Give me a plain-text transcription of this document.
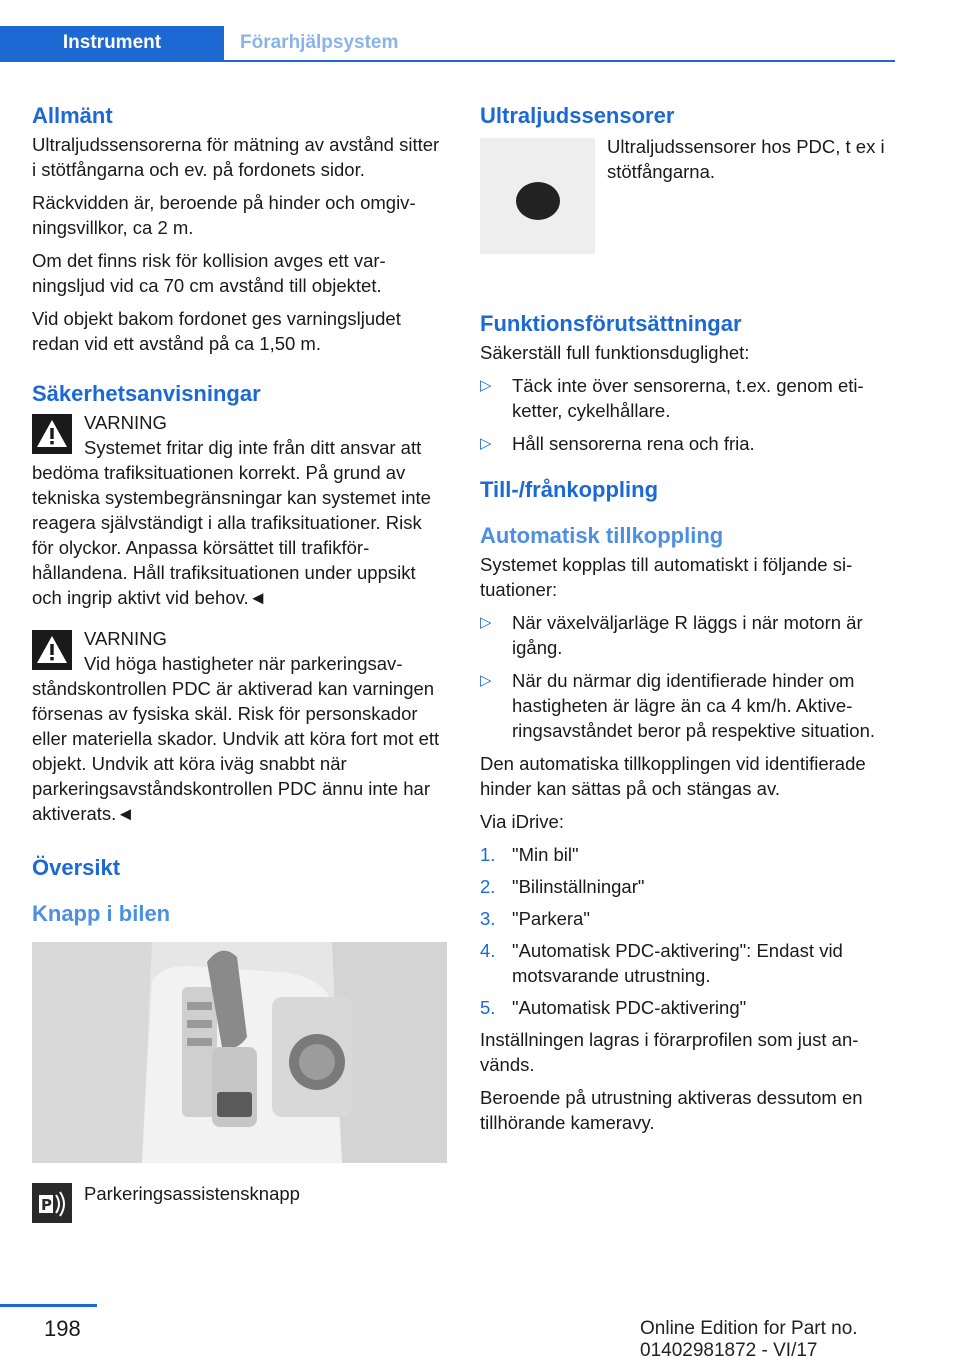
Instrument	Förarhjälpsystem
Allmänt

Ultraljudssensorerna för mätning av avstånd sitter i stötfångarna och ev. på fordonets sidor.

Räckvidden är, beroende på hinder och omgivningsvillkor, ca 2 m.

Om det finns risk för kollision avges ett varningsljud vid ca 70 cm avstånd till objektet.

Vid objekt bakom fordonet ges varningsljudet redan vid ett avstånd på ca 1,50 m.

Säkerhetsanvisningar
VARNING
Systemet fritar dig inte från ditt ansvar att bedöma trafiksituationen korrekt. På grund av tekniska systembegränsningar kan systemet inte reagera självständigt i alla trafiksituationer. Risk för olyckor. Anpassa körsättet till trafikförhållandena. Håll trafiksituationen under uppsikt och ingrip aktivt vid behov.◄
VARNING
Vid höga hastigheter när parkeringsavståndskontrollen PDC är aktiverad kan varningen försenas av fysiska skäl. Risk för personskador eller materiella skador. Undvik att köra fort mot ett objekt. Undvik att köra iväg snabbt när parkeringsavståndskontrollen PDC ännu inte har aktiverats.◄
Översikt
Knapp i bilen
P
Parkeringsassistensknapp
Ultraljudssensorer
Ultraljudssensorer hos PDC, t ex i stötfångarna.
Funktionsförutsättningar

Säkerställ full funktionsduglighet:

▷ Täck inte över sensorerna, t.ex. genom etiketter, cykelhållare.
▷ Håll sensorerna rena och fria.
Till-/frånkoppling
Automatisk tillkoppling

Systemet kopplas till automatiskt i följande situationer:

▷ När växelväljarläge R läggs i när motorn är igång.
▷ När du närmar dig identifierade hinder om hastigheten är lägre än ca 4 km/h. Aktiveringsavståndet beror på respektive situation.

Den automatiska tillkopplingen vid identifierade hinder kan sättas på och stängas av.

Via iDrive:

1. "Min bil"
2. "Bilinställningar"
3. "Parkera"
4. "Automatisk PDC-aktivering": Endast vid motsvarande utrustning.
5. "Automatisk PDC-aktivering"

Inställningen lagras i förarprofilen som just används.

Beroende på utrustning aktiveras dessutom en tillhörande kameravy.

198	Online Edition for Part no. 01402981872 - VI/17
